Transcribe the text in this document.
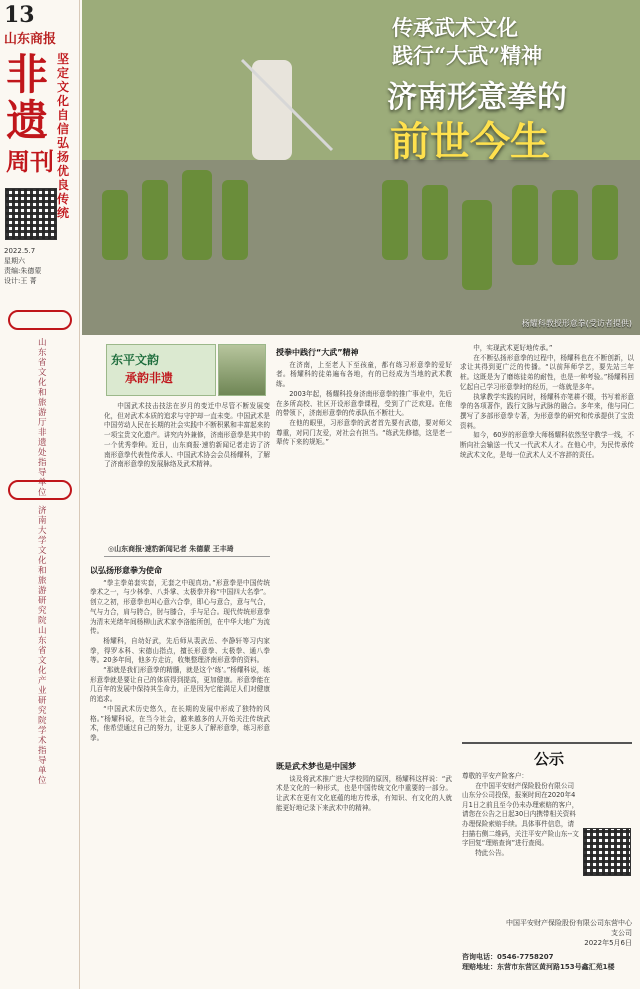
13
山东商报
非遗
周刊
坚定文化自信 弘扬优良传统
2022.5.7
星期六
责编:朱德蒙
设计:王 菁
山东省文化和旅游厅非遗处 指导单位
济南大学文化和旅游研究院 山东省文化产业研究院 学术指导单位
传承武术文化
践行“大武”精神
济南形意拳的
前世今生
杨耀科教授形意拳(受访者提供)
东平文韵
承韵非遗

中国武术技击技法在岁月的变迁中尽管不断发展变化，但对武术本质的追求与守护却一直未变。中国武术是中国劳动人民在长期的社会实践中不断积累和丰富起来的一项宝贵文化遗产。讲究内外兼修，济南形意拳是其中的一个优秀拳种。近日，山东商报·速豹新闻记者走访了济南形意拳代表性传承人、中国武术协会会员杨耀科，了解了济南形意拳的发展脉络及武术精神。

◎山东商报·速豹新闻记者 朱德蒙 王丰琦
以弘扬形意拳为使命

“拳主拳弟套实套，无套之中现真功。”形意拳是中国传统拳术之一，与少林拳、八卦掌、太极拳并称“中国四大名拳”。创立之初，形意拳也叫心意六合拳，即心与意合，意与气合，气与力合，肩与胯合，肘与膝合，手与足合。现代传统形意拳为清末光绪年间杨柳山武术家李洛能所创，在中华大地广为流传。

杨耀科，自幼好武，先后师从裴武岳、李静轩等习内家拳，得罗本科、宋德山指点，擅长形意拳、太极拳、通八拳等。20多年间，他多方走访，收集整理济南形意拳的资料。

“那就是我们形意拳的精髓，就是这个‘练’。”杨耀科说，练形意拳就是要让自己的体质得到提高，更加健康。形意拳能在几百年的发展中保持其生命力，正是因为它能满足人们对健康的追求。

“中国武术历史悠久，在长期的发展中形成了独特的风格。”杨耀科说，在当今社会，越来越多的人开始关注传统武术，他希望通过自己的努力，让更多人了解形意拳，练习形意拳。

授拳中践行“大武”精神

在济南，上至老人下至孩童，都有练习形意拳的爱好者。杨耀科的徒弟遍布各地，有的已经成为当地的武术教练。

2003年起，杨耀科投身济南形意拳的推广事业中，先后在多所高校、社区开设形意拳课程，受到了广泛欢迎。在他的带领下，济南形意拳的传承队伍不断壮大。

在他的眼里，习形意拳的武者首先要有武德，要对师父尊重，对同门友爱，对社会有担当。“练武先修德，这是老一辈传下来的规矩。”

既是武术梦也是中国梦

谈及将武术推广进大学校园的原因，杨耀科这样说：“武术是文化的一种形式，也是中国传统文化中重要的一部分。让武术在更有文化底蕴的地方传承，有知识、有文化的人就能更好地记录下来武术中的精神。

中，实现武术更好地传承。”

在不断弘扬形意拳的过程中，杨耀科也在不断创新，以求让其得到更广泛的传播。“以前拜师学艺，要先站三年桩。这既是为了磨练徒弟的耐性，也是一种考验。”杨耀科回忆起自己学习形意拳时的经历，一练就是多年。

执掌教学实践的同时，杨耀科亦笔耕不辍，书写着形意拳的各项著作，践行文脉与武脉的融合。多年来，他与同仁撰写了多部形意拳专著，为形意拳的研究和传承提供了宝贵资料。

如今，60岁的形意拳大师杨耀科依然坚守教学一线，不断向社会输送一代又一代武术人才。在他心中，为民传承传统武术文化，是每一位武术人义不容辞的责任。

公示
尊敬的平安产险客户：
在中国平安财产保险股份有限公司山东分公司投保，报案时间在2020年4月1日之前且至今仍未办理索赔的客户，请您在公告之日起30日内携带相关资料办理保险索赔手续。具体事件信息，请扫描右侧二维码，关注平安产险山东--文字回复“理赔查询”进行查阅。
特此公告。
中国平安财产保险股份有限公司东营中心支公司
2022年5月6日
咨询电话：0546-7758207
理赔地址：东营市东营区黄河路153号鑫汇苑1楼
